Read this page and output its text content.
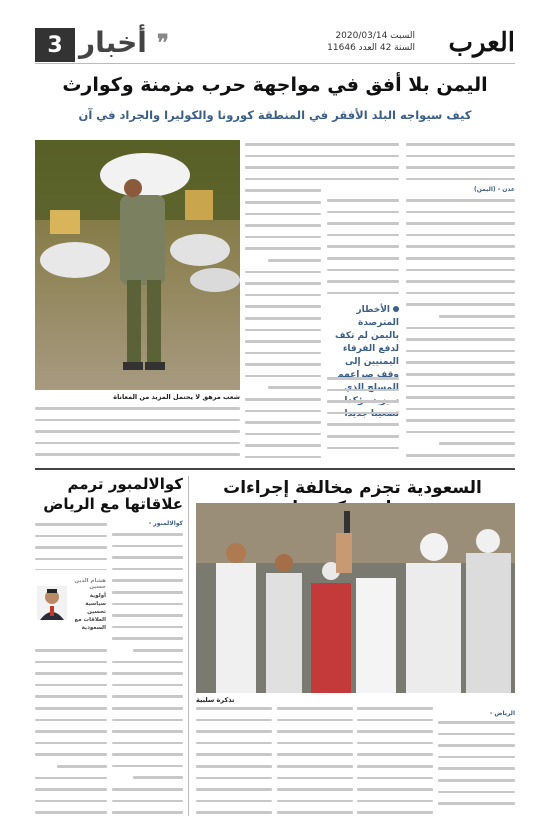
3 أخبار ❞	العرب
السبت 2020/03/14
السنة 42 العدد 11646
اليمن بلا أفق في مواجهة حرب مزمنة وكوارث
كيف سيواجه البلد الأفقر في المنطقة كورونا والكوليرا والجراد في آن
شعب مرهق لا يحتمل المزيد من المعاناة
عدن - (اليمن)
الأخطار المترصدة باليمن لم تكف لدفع الفرقاء اليمنيين إلى وقف صراعهم المسلح الذي سيزيد مؤكدا تصعيبا جديدا
السعودية تجزم مخالفة إجراءات
تذكرة سلبية
الرياض -
كوالالمبور ترمم علاقاتها مع الرياض
كوالالمبور -
هشام الدين حسين
أولوية سياسية تحسين العلاقات مع السعودية
